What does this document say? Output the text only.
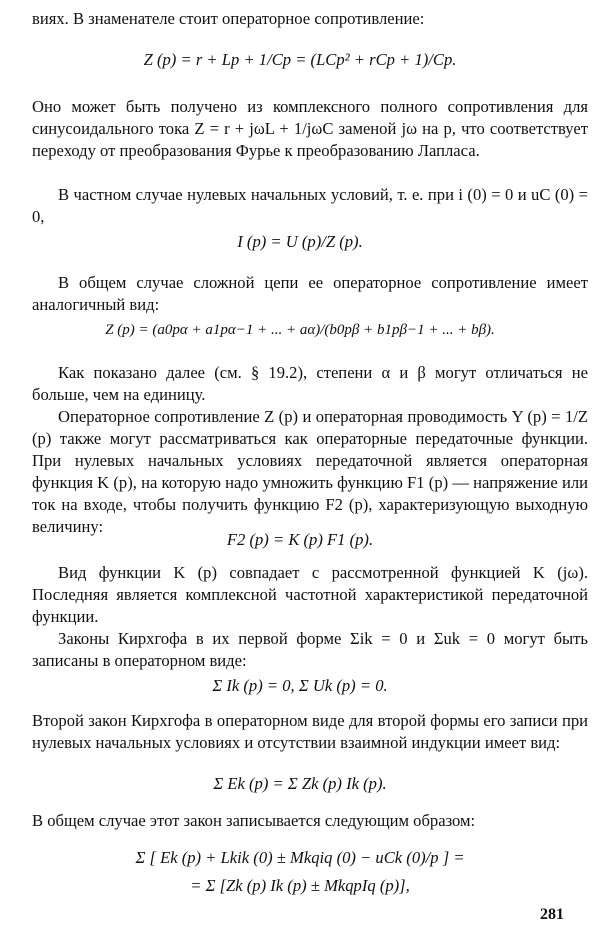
виях. В знаменателе стоит операторное сопротивление:

Z (p) = r + Lp + 1/Cp = (LCp² + rCp + 1)/Cp.

Оно может быть получено из комплексного полного сопротивления для синусоидального тока Z = r + jωL + 1/jωC заменой jω на p, что соответствует переходу от преобразования Фурье к преобразованию Лапласа.

В частном случае нулевых начальных условий, т. е. при i (0) = 0 и uC (0) = 0,

I (p) = U (p)/Z (p).

В общем случае сложной цепи ее операторное сопротивление имеет аналогичный вид:

Z (p) = (a0pα + a1pα−1 + ... + aα)/(b0pβ + b1pβ−1 + ... + bβ).

Как показано далее (см. § 19.2), степени α и β могут отличаться не больше, чем на единицу.

Операторное сопротивление Z (p) и операторная проводимость Y (p) = 1/Z (p) также могут рассматриваться как операторные передаточные функции. При нулевых начальных условиях передаточной является операторная функция K (p), на которую надо умножить функцию F1 (p) — напряжение или ток на входе, чтобы получить функцию F2 (p), характеризующую выходную величину:

F2 (p) = K (p) F1 (p).

Вид функции K (p) совпадает с рассмотренной функцией K (jω). Последняя является комплексной частотной характеристикой передаточной функции.

Законы Кирхгофа в их первой форме Σik = 0 и Σuk = 0 могут быть записаны в операторном виде:

Σ Ik (p) = 0, Σ Uk (p) = 0.

Второй закон Кирхгофа в операторном виде для второй формы его записи при нулевых начальных условиях и отсутствии взаимной индукции имеет вид:

Σ Ek (p) = Σ Zk (p) Ik (p).

В общем случае этот закон записывается следующим образом:

Σ [ Ek (p) + Lkik (0) ± Mkqiq (0) − uCk (0)/p ] =
= Σ [Zk (p) Ik (p) ± MkqpIq (p)],
281
